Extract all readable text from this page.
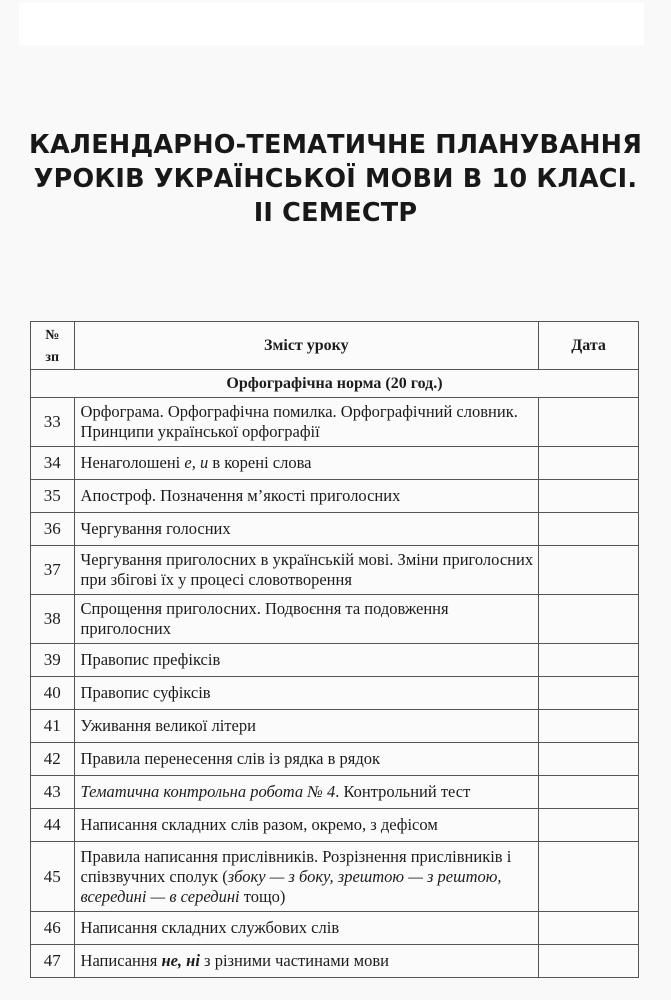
КАЛЕНДАРНО-ТЕМАТИЧНЕ ПЛАНУВАННЯ
УРОКІВ УКРАЇНСЬКОЇ МОВИ В 10 КЛАСІ.
II СЕМЕСТР
№
зп	Зміст уроку	Дата
Орфографічна норма (20 год.)		
33	Орфограма. Орфографічна помилка. Орфографічний словник. Принципи української орфографії	
34	Ненаголошені е, и в корені слова	
35	Апостроф. Позначення м’якості приголосних	
36	Чергування голосних	
37	Чергування приголосних в українській мові. Зміни приголосних при збігові їх у процесі словотворення	
38	Спрощення приголосних. Подвоєння та подовження приголосних	
39	Правопис префіксів	
40	Правопис суфіксів	
41	Уживання великої літери	
42	Правила перенесення слів із рядка в рядок	
43	Тематична контрольна робота № 4. Контрольний тест	
44	Написання складних слів разом, окремо, з дефісом	
45	Правила написання прислівників. Розрізнення прислівників і співзвучних сполук (збоку — з боку, зрештою — з рештою, всередині — в середині тощо)	
46	Написання складних службових слів	
47	Написання не, ні з різними частинами мови	
